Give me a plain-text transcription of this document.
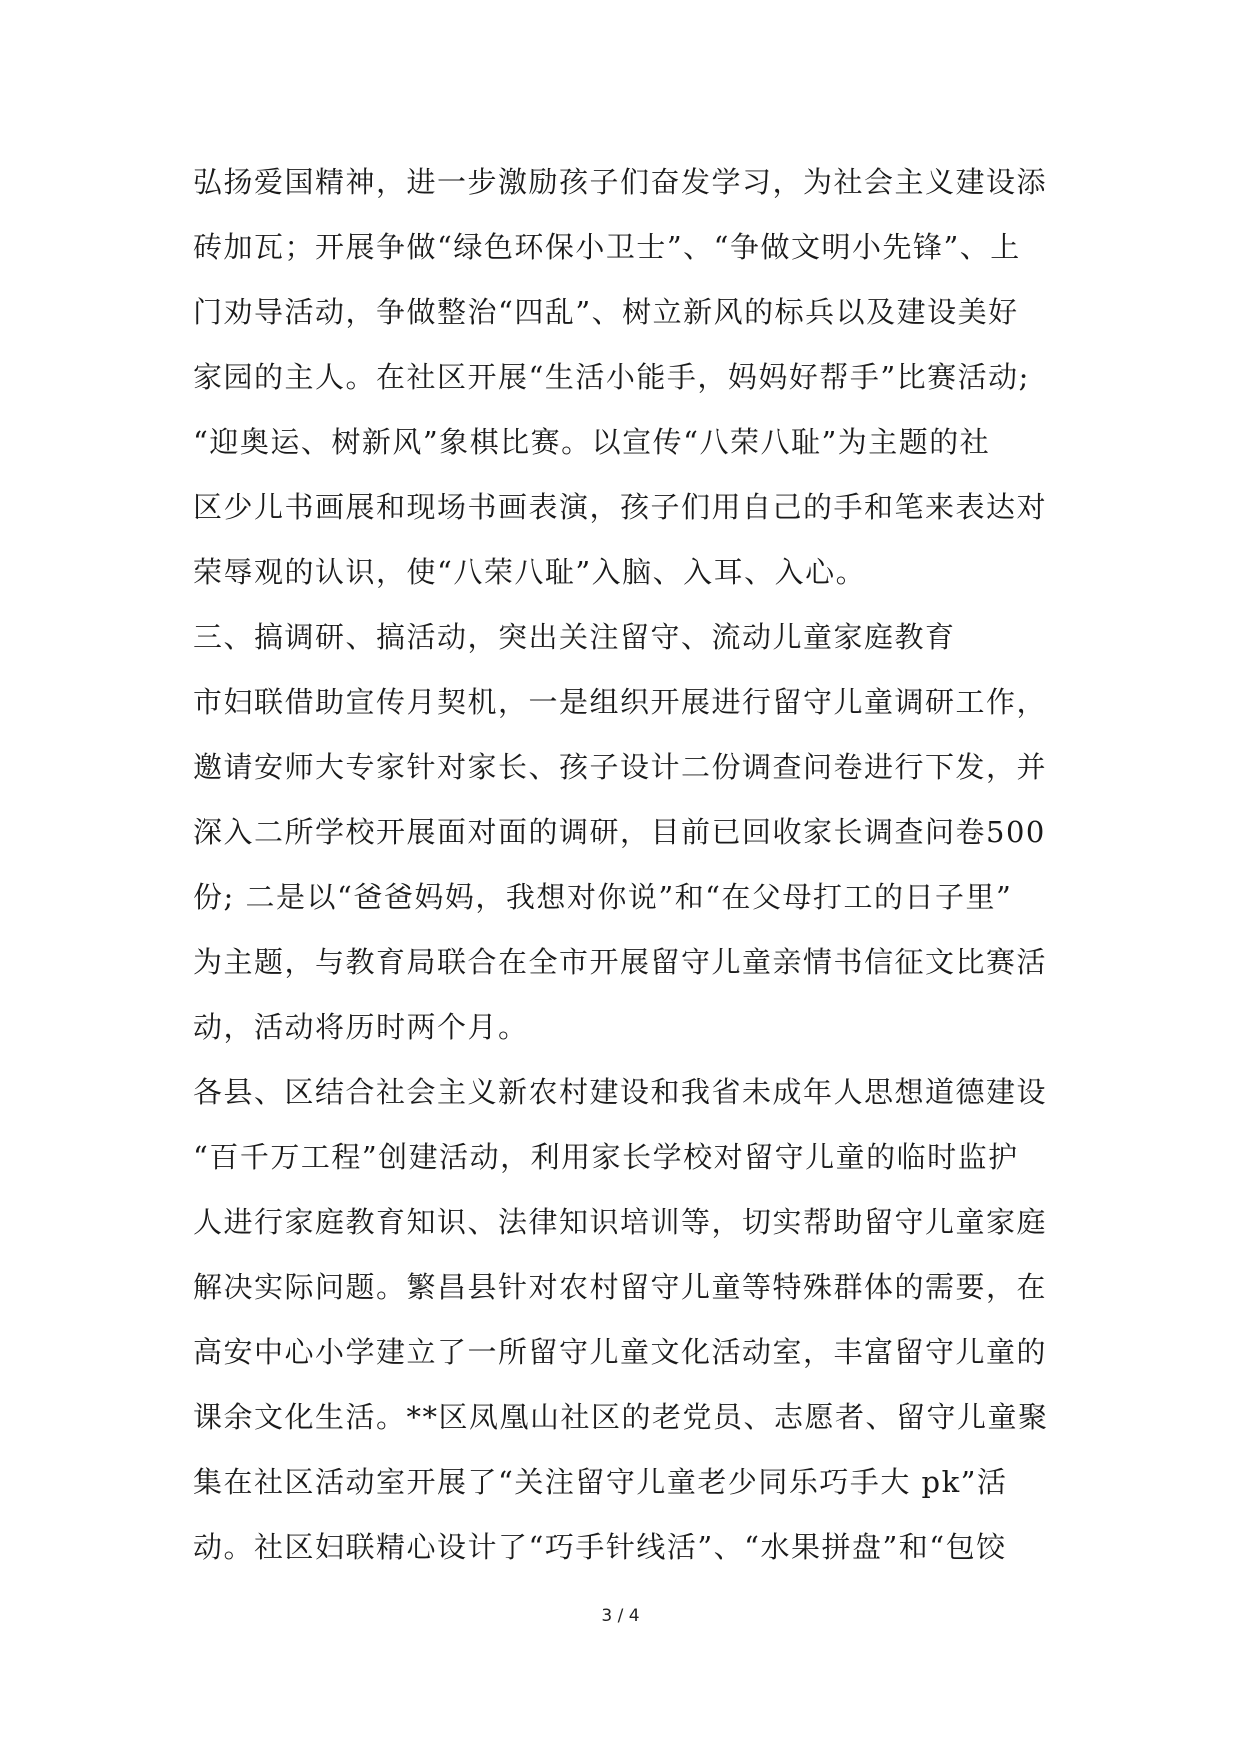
弘扬爱国精神，进一步激励孩子们奋发学习，为社会主义建设添
砖加瓦；开展争做“绿色环保小卫士”、“争做文明小先锋”、上
门劝导活动，争做整治“四乱”、树立新风的标兵以及建设美好
家园的主人。在社区开展“生活小能手，妈妈好帮手”比赛活动;
“迎奥运、树新风”象棋比赛。以宣传“八荣八耻”为主题的社
区少儿书画展和现场书画表演，孩子们用自己的手和笔来表达对
荣辱观的认识，使“八荣八耻”入脑、入耳、入心。
三、搞调研、搞活动，突出关注留守、流动儿童家庭教育
市妇联借助宣传月契机，一是组织开展进行留守儿童调研工作，
邀请安师大专家针对家长、孩子设计二份调查问卷进行下发，并
深入二所学校开展面对面的调研，目前已回收家长调查问卷500
份; 二是以“爸爸妈妈，我想对你说”和“在父母打工的日子里”
为主题，与教育局联合在全市开展留守儿童亲情书信征文比赛活
动，活动将历时两个月。
各县、区结合社会主义新农村建设和我省未成年人思想道德建设
“百千万工程”创建活动，利用家长学校对留守儿童的临时监护
人进行家庭教育知识、法律知识培训等，切实帮助留守儿童家庭
解决实际问题。繁昌县针对农村留守儿童等特殊群体的需要，在
高安中心小学建立了一所留守儿童文化活动室，丰富留守儿童的
课余文化生活。**区凤凰山社区的老党员、志愿者、留守儿童聚
集在社区活动室开展了“关注留守儿童老少同乐巧手大 pk”活
动。社区妇联精心设计了“巧手针线活”、“水果拼盘”和“包饺
3 / 4
